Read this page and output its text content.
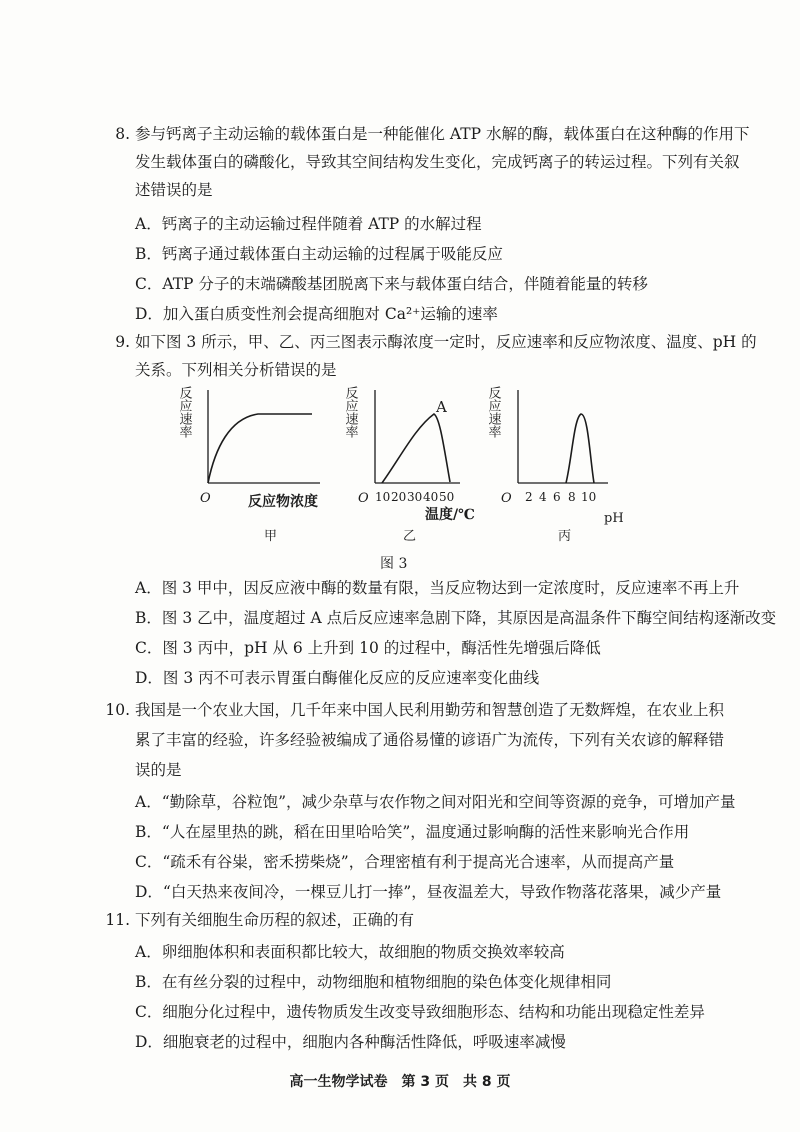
8. 参与钙离子主动运输的载体蛋白是一种能催化 ATP 水解的酶，载体蛋白在这种酶的作用下
发生载体蛋白的磷酸化，导致其空间结构发生变化，完成钙离子的转运过程。下列有关叙
述错误的是
A．钙离子的主动运输过程伴随着 ATP 的水解过程
B．钙离子通过载体蛋白主动运输的过程属于吸能反应
C．ATP 分子的末端磷酸基团脱离下来与载体蛋白结合，伴随着能量的转移
D．加入蛋白质变性剂会提高细胞对 Ca²⁺运输的速率
9. 如下图 3 所示，甲、乙、丙三图表示酶浓度一定时，反应速率和反应物浓度、温度、pH 的
关系。下列相关分析错误的是
反应速率
O	反应物浓度
甲
A
反应速率
O 10 20 30 40 50
温度/℃
乙
反应速率
O 2 4 6 8 10
pH
丙
图 3
A．图 3 甲中，因反应液中酶的数量有限，当反应物达到一定浓度时，反应速率不再上升
B．图 3 乙中，温度超过 A 点后反应速率急剧下降，其原因是高温条件下酶空间结构逐渐改变
C．图 3 丙中，pH 从 6 上升到 10 的过程中，酶活性先增强后降低
D．图 3 丙不可表示胃蛋白酶催化反应的反应速率变化曲线
10. 我国是一个农业大国，几千年来中国人民利用勤劳和智慧创造了无数辉煌，在农业上积
累了丰富的经验，许多经验被编成了通俗易懂的谚语广为流传，下列有关农谚的解释错
误的是
A．“勤除草，谷粒饱”，减少杂草与农作物之间对阳光和空间等资源的竞争，可增加产量
B．“人在屋里热的跳，稻在田里哈哈笑”，温度通过影响酶的活性来影响光合作用
C．“疏禾有谷粜，密禾捞柴烧”，合理密植有利于提高光合速率，从而提高产量
D．“白天热来夜间冷，一棵豆儿打一捧”，昼夜温差大，导致作物落花落果，减少产量
11. 下列有关细胞生命历程的叙述，正确的有
A．卵细胞体积和表面积都比较大，故细胞的物质交换效率较高
B．在有丝分裂的过程中，动物细胞和植物细胞的染色体变化规律相同
C．细胞分化过程中，遗传物质发生改变导致细胞形态、结构和功能出现稳定性差异
D．细胞衰老的过程中，细胞内各种酶活性降低，呼吸速率减慢
高一生物学试卷　第 3 页　共 8 页
